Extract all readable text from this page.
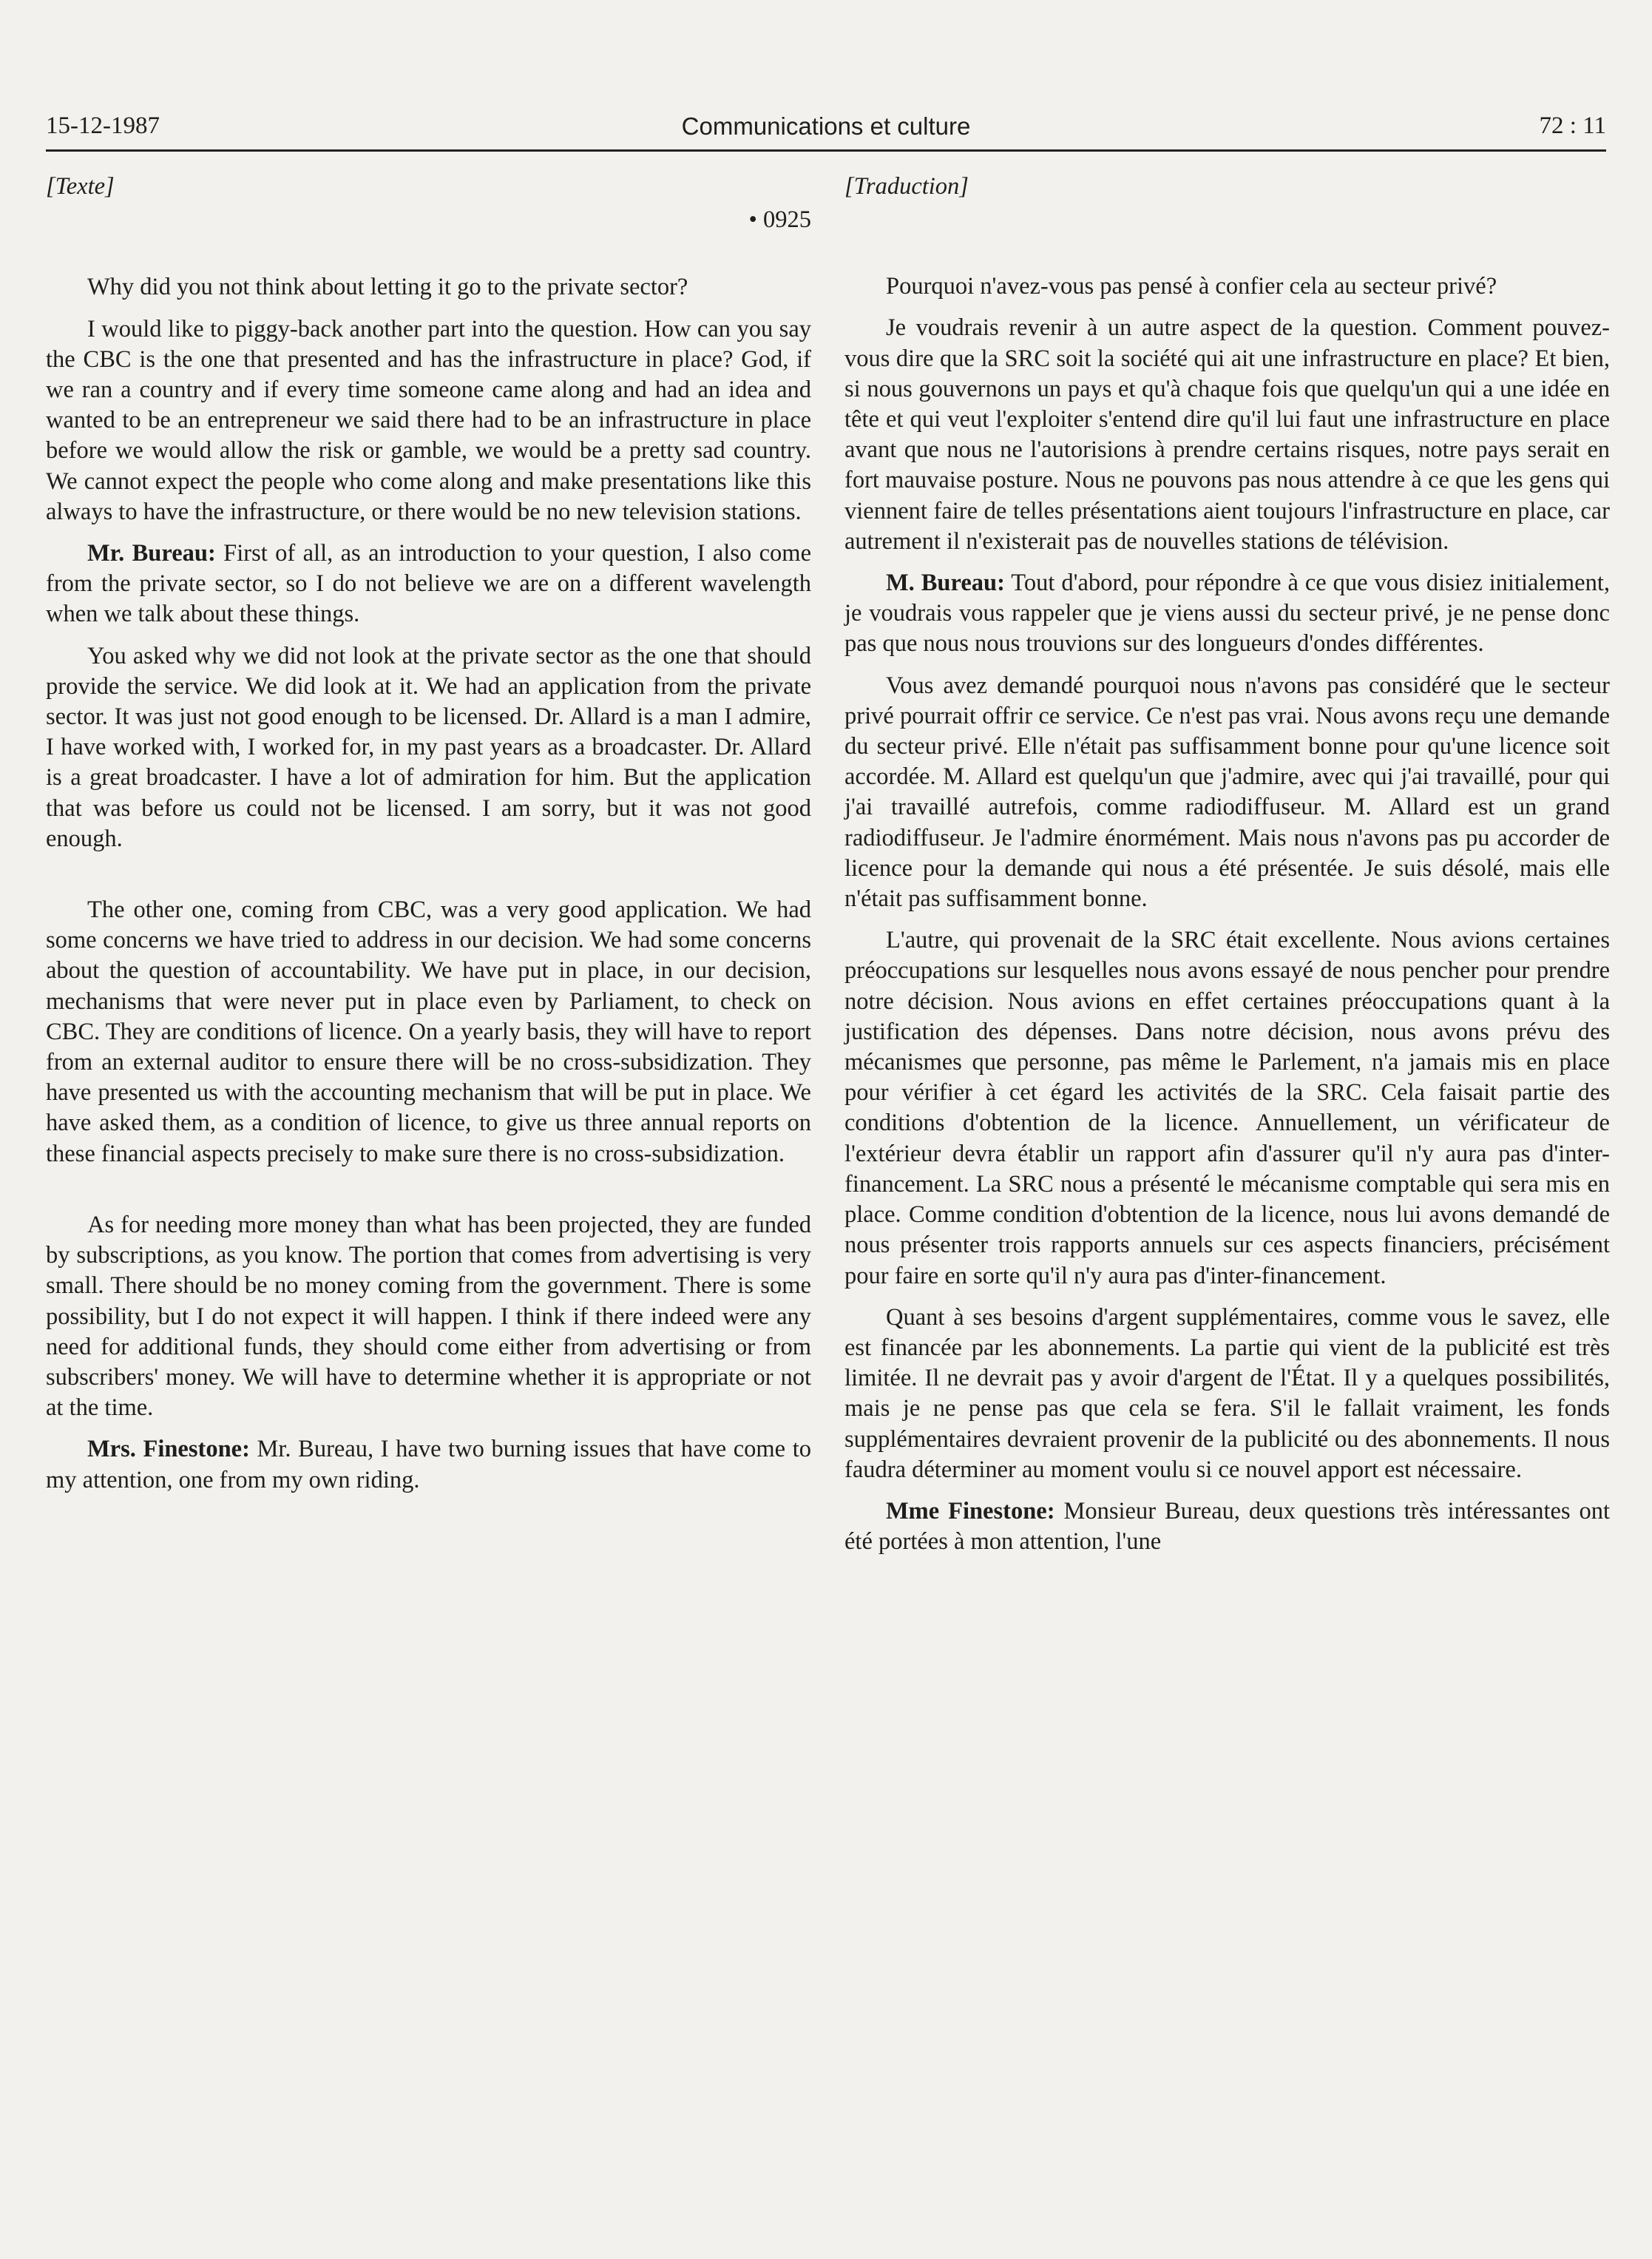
15-12-1987	Communications et culture	72 : 11

[Texte]

• 0925

Why did you not think about letting it go to the private sector?

I would like to piggy-back another part into the question. How can you say the CBC is the one that presented and has the infrastructure in place? God, if we ran a country and if every time someone came along and had an idea and wanted to be an entrepreneur we said there had to be an infrastructure in place before we would allow the risk or gamble, we would be a pretty sad country. We cannot expect the people who come along and make presentations like this always to have the infrastructure, or there would be no new television stations.

Mr. Bureau: First of all, as an introduction to your question, I also come from the private sector, so I do not believe we are on a different wavelength when we talk about these things.

You asked why we did not look at the private sector as the one that should provide the service. We did look at it. We had an application from the private sector. It was just not good enough to be licensed. Dr. Allard is a man I admire, I have worked with, I worked for, in my past years as a broadcaster. Dr. Allard is a great broadcaster. I have a lot of admiration for him. But the application that was before us could not be licensed. I am sorry, but it was not good enough.

The other one, coming from CBC, was a very good application. We had some concerns we have tried to address in our decision. We had some concerns about the question of accountability. We have put in place, in our decision, mechanisms that were never put in place even by Parliament, to check on CBC. They are conditions of licence. On a yearly basis, they will have to report from an external auditor to ensure there will be no cross-subsidization. They have presented us with the accounting mechanism that will be put in place. We have asked them, as a condition of licence, to give us three annual reports on these financial aspects precisely to make sure there is no cross-subsidization.

As for needing more money than what has been projected, they are funded by subscriptions, as you know. The portion that comes from advertising is very small. There should be no money coming from the government. There is some possibility, but I do not expect it will happen. I think if there indeed were any need for additional funds, they should come either from advertising or from subscribers' money. We will have to determine whether it is appropriate or not at the time.

Mrs. Finestone: Mr. Bureau, I have two burning issues that have come to my attention, one from my own riding.

[Traduction]

Pourquoi n'avez-vous pas pensé à confier cela au secteur privé?

Je voudrais revenir à un autre aspect de la question. Comment pouvez-vous dire que la SRC soit la société qui ait une infrastructure en place? Et bien, si nous gouvernons un pays et qu'à chaque fois que quelqu'un qui a une idée en tête et qui veut l'exploiter s'entend dire qu'il lui faut une infrastructure en place avant que nous ne l'autorisions à prendre certains risques, notre pays serait en fort mauvaise posture. Nous ne pouvons pas nous attendre à ce que les gens qui viennent faire de telles présentations aient toujours l'infrastructure en place, car autrement il n'existerait pas de nouvelles stations de télévision.

M. Bureau: Tout d'abord, pour répondre à ce que vous disiez initialement, je voudrais vous rappeler que je viens aussi du secteur privé, je ne pense donc pas que nous nous trouvions sur des longueurs d'ondes différentes.

Vous avez demandé pourquoi nous n'avons pas considéré que le secteur privé pourrait offrir ce service. Ce n'est pas vrai. Nous avons reçu une demande du secteur privé. Elle n'était pas suffisamment bonne pour qu'une licence soit accordée. M. Allard est quelqu'un que j'admire, avec qui j'ai travaillé, pour qui j'ai travaillé autrefois, comme radiodiffuseur. M. Allard est un grand radiodiffuseur. Je l'admire énormément. Mais nous n'avons pas pu accorder de licence pour la demande qui nous a été présentée. Je suis désolé, mais elle n'était pas suffisamment bonne.

L'autre, qui provenait de la SRC était excellente. Nous avions certaines préoccupations sur lesquelles nous avons essayé de nous pencher pour prendre notre décision. Nous avions en effet certaines préoccupations quant à la justification des dépenses. Dans notre décision, nous avons prévu des mécanismes que personne, pas même le Parlement, n'a jamais mis en place pour vérifier à cet égard les activités de la SRC. Cela faisait partie des conditions d'obtention de la licence. Annuellement, un vérificateur de l'extérieur devra établir un rapport afin d'assurer qu'il n'y aura pas d'inter-financement. La SRC nous a présenté le mécanisme comptable qui sera mis en place. Comme condition d'obtention de la licence, nous lui avons demandé de nous présenter trois rapports annuels sur ces aspects financiers, précisément pour faire en sorte qu'il n'y aura pas d'inter-financement.

Quant à ses besoins d'argent supplémentaires, comme vous le savez, elle est financée par les abonnements. La partie qui vient de la publicité est très limitée. Il ne devrait pas y avoir d'argent de l'État. Il y a quelques possibilités, mais je ne pense pas que cela se fera. S'il le fallait vraiment, les fonds supplémentaires devraient provenir de la publicité ou des abonnements. Il nous faudra déterminer au moment voulu si ce nouvel apport est nécessaire.

Mme Finestone: Monsieur Bureau, deux questions très intéressantes ont été portées à mon attention, l'une
